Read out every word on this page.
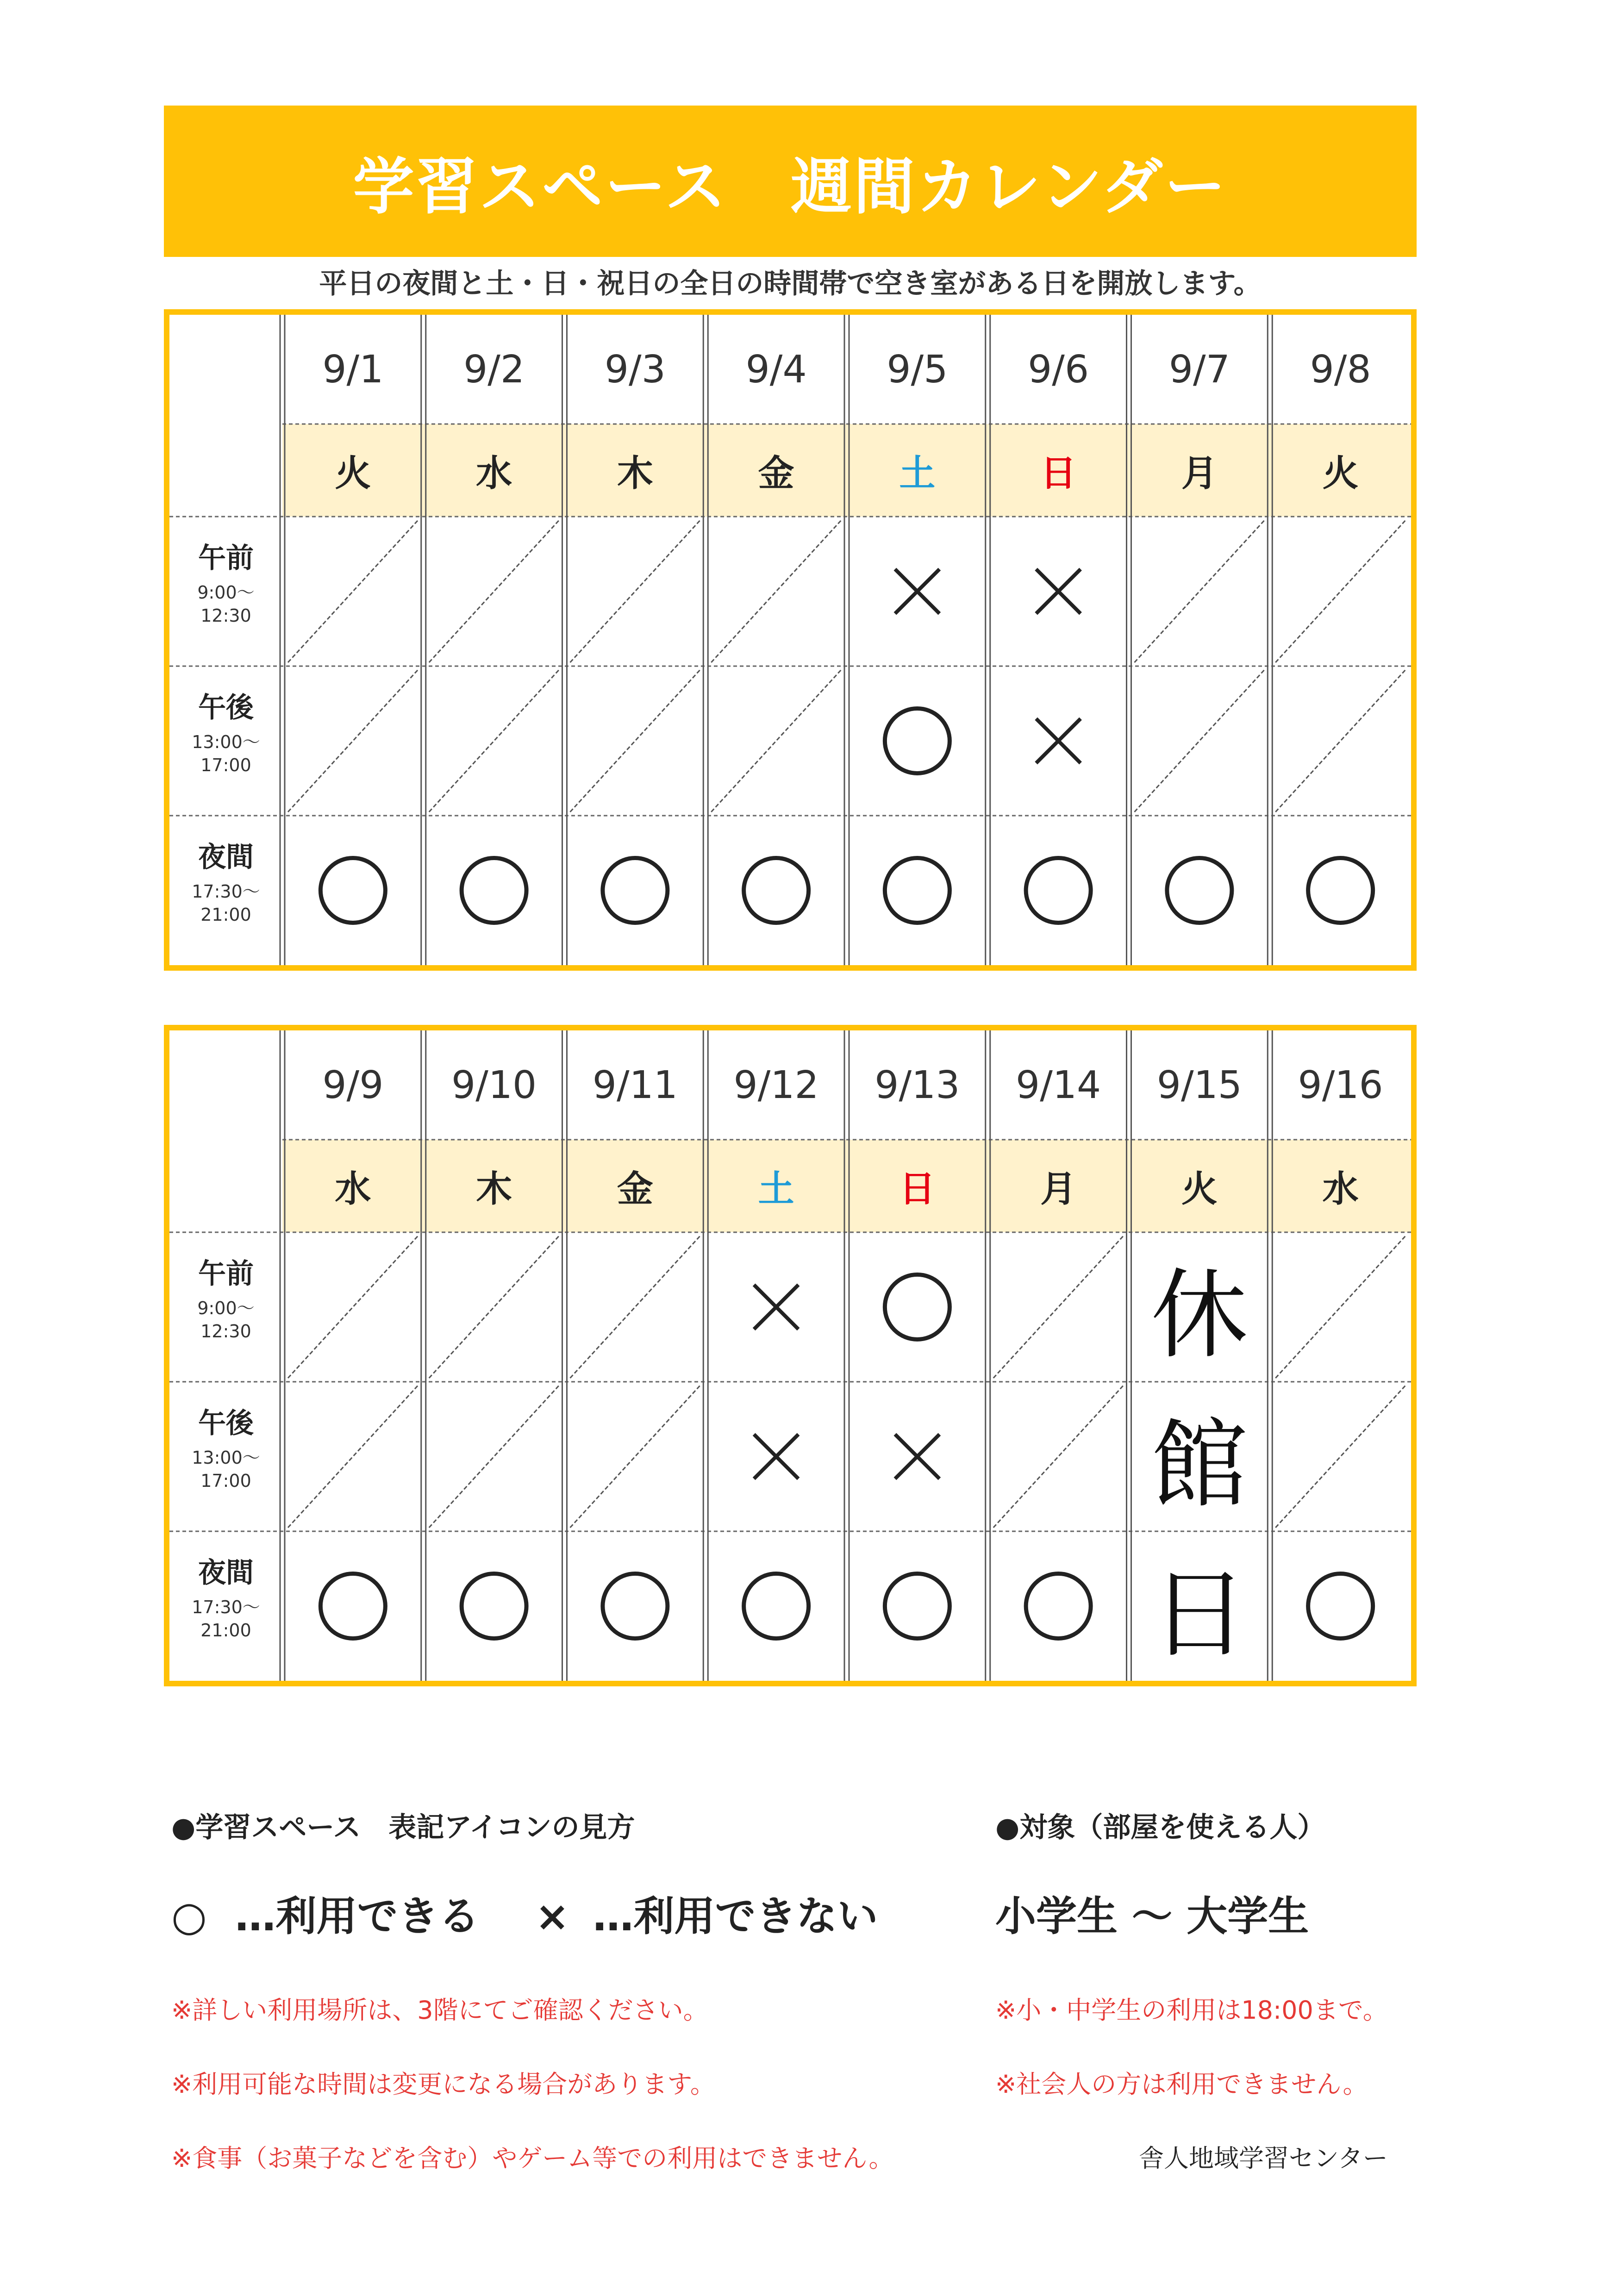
学習スペース　週間カレンダー
平日の夜間と土・日・祝日の全日の時間帯で空き室がある日を開放します。
午前
9:00～
12:30
午後
13:00～
17:00
夜間
17:30～
21:00
9/1
火
9/2
水
9/3
木
9/4
金
9/5
土
9/6
日
9/7
月
9/8
火
午前
9:00～
12:30
午後
13:00～
17:00
夜間
17:30～
21:00
9/9
水
9/10
木
9/11
金
9/12
土
9/13
日
9/14
月
9/15
火
休
館
日
9/16
水
●学習スペース　表記アイコンの見方
○ …利用できる × …利用できない
※詳しい利用場所は、3階にてご確認ください。
※利用可能な時間は変更になる場合があります。
※食事（お菓子などを含む）やゲーム等での利用はできません。
●対象（部屋を使える人）
小学生 ～ 大学生
※小・中学生の利用は18:00まで。
※社会人の方は利用できません。
舎人地域学習センター
